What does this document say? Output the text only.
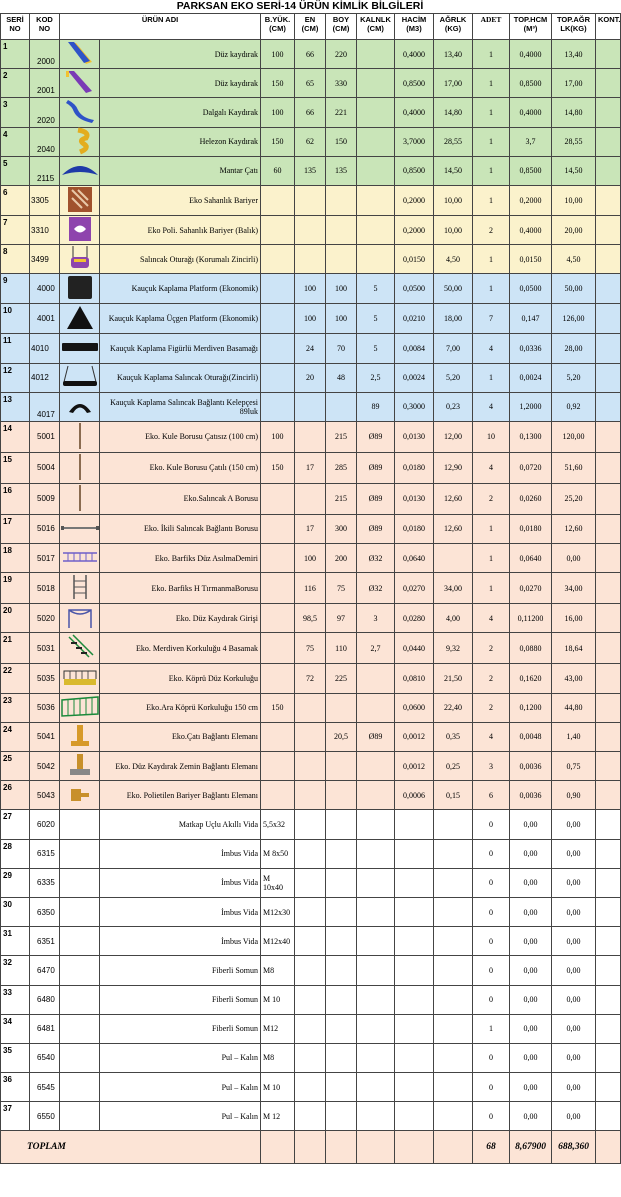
PARKSAN EKO SERİ-14 ÜRÜN KİMLİK BİLGİLERİ
SERİ NO	KOD NO	ÜRÜN ADI		B.YÜK. (CM)	EN (CM)	BOY (CM)	KALNLK (CM)	HACİM (M3)	AĞRLK (KG)	ADET	TOP.HCM (M³)	TOP.AĞR LK(KG)	KONT.
1	2000		Düz kaydırak	100	66	220		0,4000	13,40	1	0,4000	13,40	
2	2001		Düz kaydırak	150	65	330		0,8500	17,00	1	0,8500	17,00	
3	2020		Dalgalı Kaydırak	100	66	221		0,4000	14,80	1	0,4000	14,80	
4	2040		Helezon Kaydırak	150	62	150		3,7000	28,55	1	3,7	28,55	
5	2115		Mantar Çatı	60	135	135		0,8500	14,50	1	0,8500	14,50	
6	3305		Eko Sahanlık Bariyer					0,2000	10,00	1	0,2000	10,00	
7	3310		Eko Poli. Sahanlık Bariyer (Balık)					0,2000	10,00	2	0,4000	20,00	
8	3499		Salıncak Oturağı (Korumalı Zincirli)					0,0150	4,50	1	0,0150	4,50	
9	4000		Kauçuk Kaplama Platform (Ekonomik)		100	100	5	0,0500	50,00	1	0,0500	50,00	
10	4001		Kauçuk Kaplama Üçgen Platform (Ekonomik)		100	100	5	0,0210	18,00	7	0,147	126,00	
11	4010		Kauçuk Kaplama Figürlü Merdiven Basamağı		24	70	5	0,0084	7,00	4	0,0336	28,00	
12	4012		Kauçuk Kaplama Salıncak Oturağı(Zincirli)		20	48	2,5	0,0024	5,20	1	0,0024	5,20	
13	4017		Kauçuk Kaplama Salıncak Bağlantı Kelepçesi 89luk				89	0,3000	0,23	4	1,2000	0,92	
14	5001		Eko. Kule Borusu Çatısız (100 cm)	100		215	Ø89	0,0130	12,00	10	0,1300	120,00	
15	5004		Eko. Kule Borusu Çatılı (150 cm)	150	17	285	Ø89	0,0180	12,90	4	0,0720	51,60	
16	5009		Eko.Salıncak A Borusu			215	Ø89	0,0130	12,60	2	0,0260	25,20	
17	5016		Eko. İkili Salıncak Bağlantı Borusu		17	300	Ø89	0,0180	12,60	1	0,0180	12,60	
18	5017		Eko. Barfiks Düz AsılmaDemiri		100	200	Ø32	0,0640		1	0,0640	0,00	
19	5018		Eko. Barfiks H TırmanmaBorusu		116	75	Ø32	0,0270	34,00	1	0,0270	34,00	
20	5020		Eko. Düz Kaydırak Girişi		98,5	97	3	0,0280	4,00	4	0,11200	16,00	
21	5031		Eko. Merdiven Korkuluğu 4 Basamak		75	110	2,7	0,0440	9,32	2	0,0880	18,64	
22	5035		Eko. Köprü Düz Korkuluğu		72	225		0,0810	21,50	2	0,1620	43,00	
23	5036		Eko.Ara Köprü Korkuluğu 150 cm	150				0,0600	22,40	2	0,1200	44,80	
24	5041		Eko.Çatı Bağlantı Elemanı			20,5	Ø89	0,0012	0,35	4	0,0048	1,40	
25	5042		Eko. Düz Kaydırak Zemin Bağlantı Elemanı					0,0012	0,25	3	0,0036	0,75	
26	5043		Eko. Polietilen Bariyer Bağlantı Elemanı					0,0006	0,15	6	0,0036	0,90	
27	6020		Matkap Uçlu Akıllı Vida	5,5x32						0	0,00	0,00	
28	6315		İmbus Vida	M 8x50						0	0,00	0,00	
29	6335		İmbus Vida	M 10x40						0	0,00	0,00	
30	6350		İmbus Vida	M12x30						0	0,00	0,00	
31	6351		İmbus Vida	M12x40						0	0,00	0,00	
32	6470		Fiberli Somun	M8						0	0,00	0,00	
33	6480		Fiberli Somun	M 10						0	0,00	0,00	
34	6481		Fiberli Somun	M12						1	0,00	0,00	
35	6540		Pul – Kalın	M8						0	0,00	0,00	
36	6545		Pul – Kalın	M 10						0	0,00	0,00	
37	6550		Pul – Kalın	M 12						0	0,00	0,00	
TOPLAM										68	8,67900	688,360	
